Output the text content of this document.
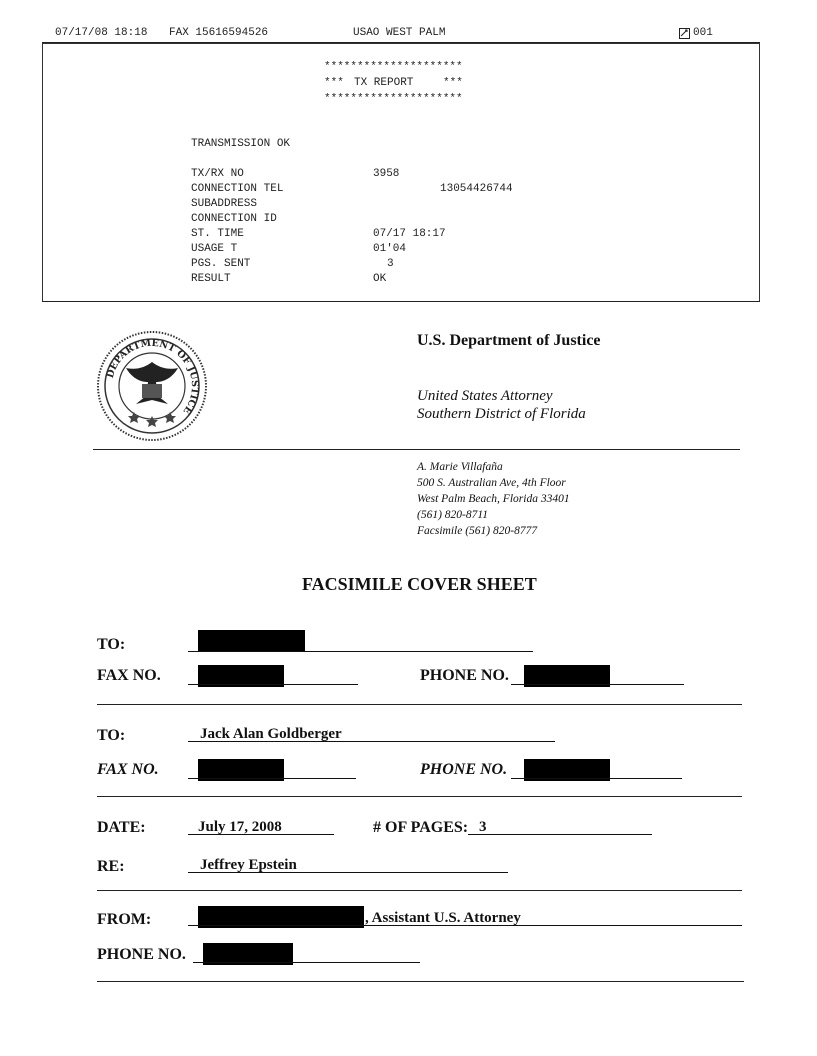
07/17/08 18:18 FAX 15616594526	USAO WEST PALM	001
*********************
*** TX REPORT	***
*********************
TRANSMISSION OK
TX/RX NO	3958
CONNECTION TEL	13054426744
SUBADDRESS
CONNECTION ID
ST. TIME	07/17 18:17
USAGE T	01'04
PGS. SENT	3
RESULT	OK
DEPARTMENT OF JUSTICE
U.S. Department of Justice
United States Attorney
Southern District of Florida
A. Marie Villafaña
500 S. Australian Ave, 4th Floor
West Palm Beach, Florida 33401
(561) 820-8711
Facsimile (561) 820-8777
FACSIMILE COVER SHEET
TO:
FAX NO.	PHONE NO.
TO:	Jack Alan Goldberger
FAX NO.	PHONE NO.
DATE:	July 17, 2008	# OF PAGES: 3
RE:	Jeffrey Epstein
FROM:	, Assistant U.S. Attorney
PHONE NO.
